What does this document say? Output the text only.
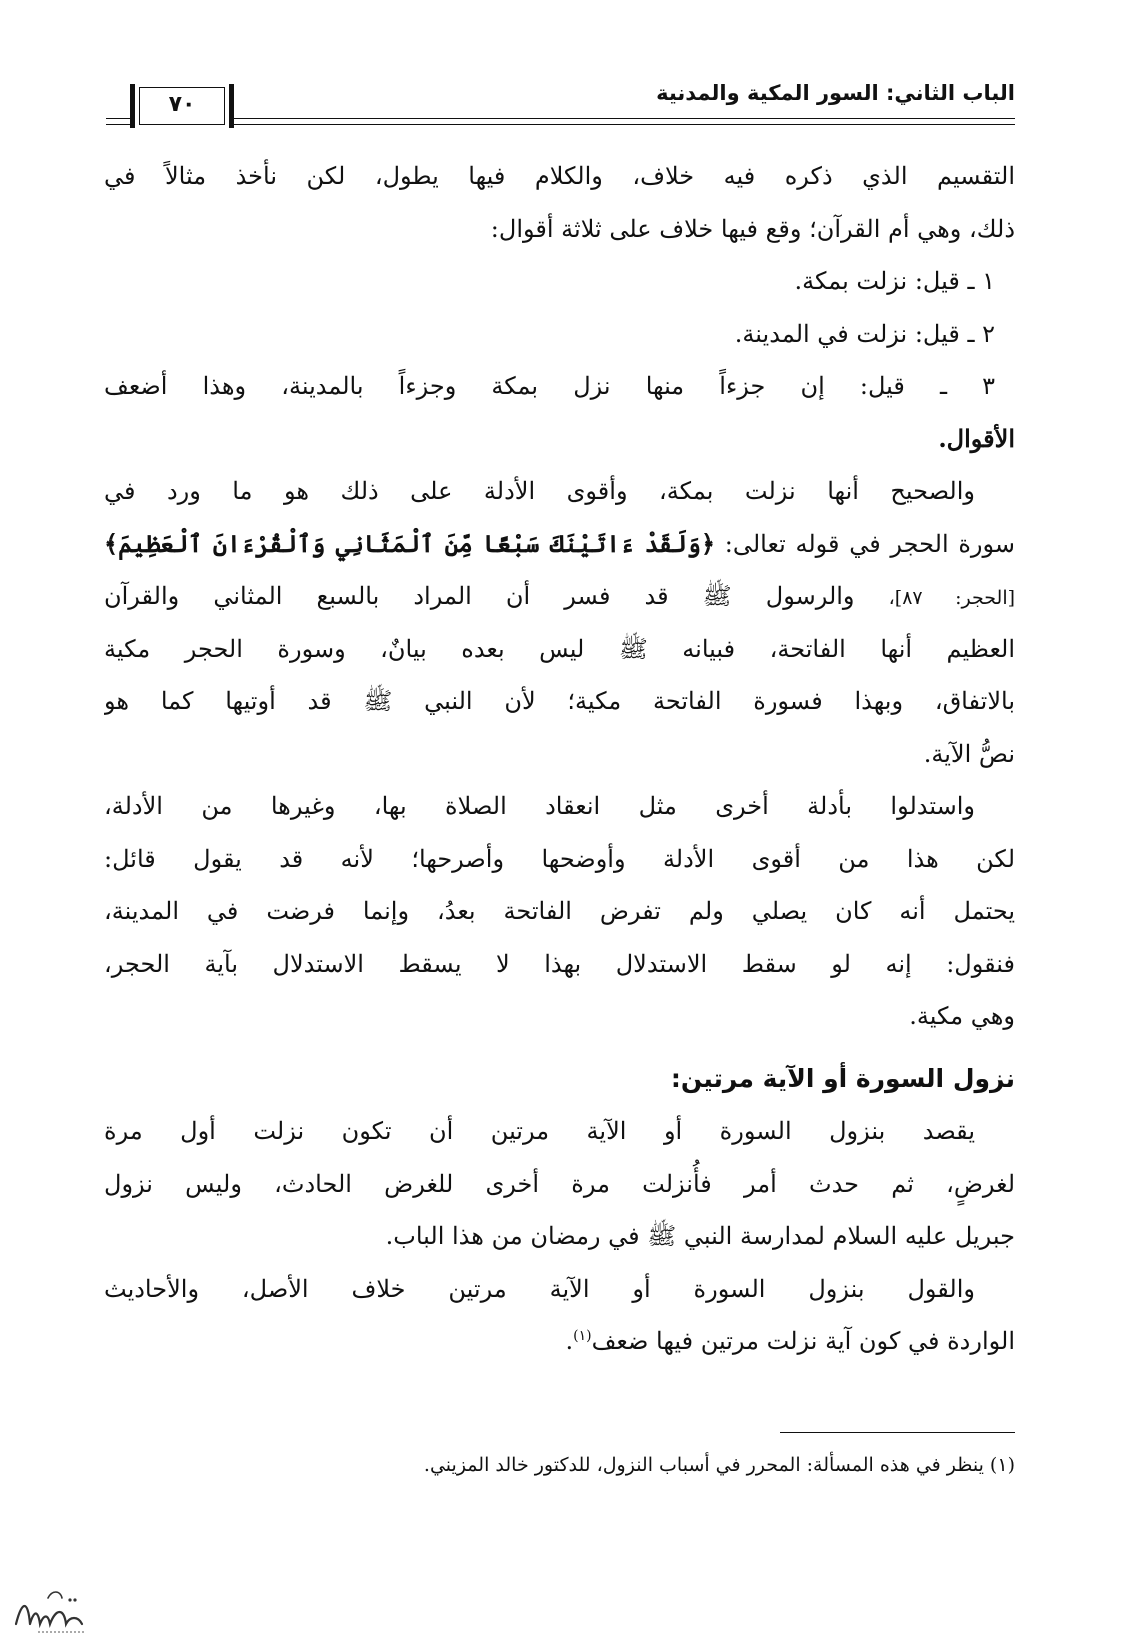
الباب الثاني: السور المكية والمدنية
٧٠
التقسيم الذي ذكره فيه خلاف، والكلام فيها يطول، لكن نأخذ مثالاً في
ذلك، وهي أم القرآن؛ وقع فيها خلاف على ثلاثة أقوال:
١ ـ قيل: نزلت بمكة.
٢ ـ قيل: نزلت في المدينة.
٣ ـ قيل: إن جزءاً منها نزل بمكة وجزءاً بالمدينة، وهذا أضعف
الأقوال.
والصحيح أنها نزلت بمكة، وأقوى الأدلة على ذلك هو ما ورد في
سورة الحجر في قوله تعالى: ﴿وَلَقَدْ ءَاتَيْنَكَ سَبْعًا مِّنَ ٱلْمَثَانِي وَٱلْقُرْءَانَ ٱلْعَظِيمَ﴾
[الحجر: ٨٧]، والرسول ﷺ قد فسر أن المراد بالسبع المثاني والقرآن
العظيم أنها الفاتحة، فبيانه ﷺ ليس بعده بيانٌ، وسورة الحجر مكية
بالاتفاق، وبهذا فسورة الفاتحة مكية؛ لأن النبي ﷺ قد أوتيها كما هو
نصُّ الآية.
واستدلوا بأدلة أخرى مثل انعقاد الصلاة بها، وغيرها من الأدلة،
لكن هذا من أقوى الأدلة وأوضحها وأصرحها؛ لأنه قد يقول قائل:
يحتمل أنه كان يصلي ولم تفرض الفاتحة بعدُ، وإنما فرضت في المدينة،
فنقول: إنه لو سقط الاستدلال بهذا لا يسقط الاستدلال بآية الحجر،
وهي مكية.
نزول السورة أو الآية مرتين:
يقصد بنزول السورة أو الآية مرتين أن تكون نزلت أول مرة
لغرضٍ، ثم حدث أمر فأُنزلت مرة أخرى للغرض الحادث، وليس نزول
جبريل عليه السلام لمدارسة النبي ﷺ في رمضان من هذا الباب.
والقول بنزول السورة أو الآية مرتين خلاف الأصل، والأحاديث
الواردة في كون آية نزلت مرتين فيها ضعف$^{(١)}$.
(١) ينظر في هذه المسألة: المحرر في أسباب النزول، للدكتور خالد المزيني.
